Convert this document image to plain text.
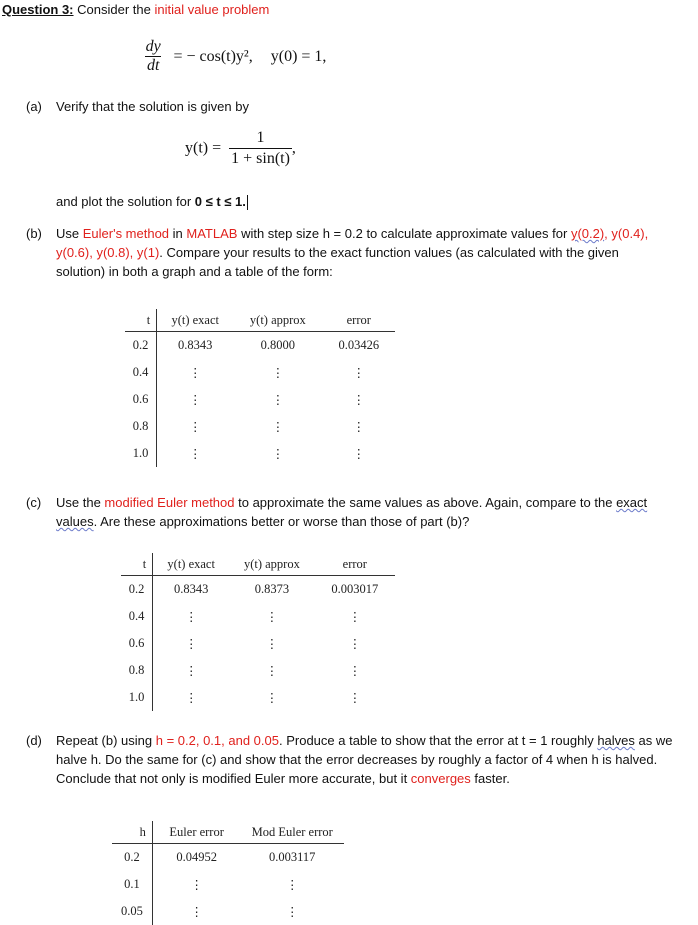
Question 3: Consider the initial value problem
$\frac{dy}{dt}$ = − cos(t)y², y(0) = 1,
(a) Verify that the solution is given by
$y(t) = \frac{1}{1 + \sin(t)}$ ,
and plot the solution for 0 ≤ t ≤ 1.
(b) Use Euler's method in MATLAB with step size h = 0.2 to calculate approximate values for y(0.2), y(0.4),
y(0.6), y(0.8), y(1). Compare your results to the exact function values (as calculated with the given
solution) in both a graph and a table of the form:
t	y(t) exact	y(t) approx	error
0.2	0.8343	0.8000	0.03426
0.4	⋮	⋮	⋮
0.6	⋮	⋮	⋮
0.8	⋮	⋮	⋮
1.0	⋮	⋮	⋮
(c) Use the modified Euler method to approximate the same values as above. Again, compare to the exact
values. Are these approximations better or worse than those of part (b)?
t	y(t) exact	y(t) approx	error
0.2	0.8343	0.8373	0.003017
0.4	⋮	⋮	⋮
0.6	⋮	⋮	⋮
0.8	⋮	⋮	⋮
1.0	⋮	⋮	⋮
(d) Repeat (b) using h = 0.2, 0.1, and 0.05. Produce a table to show that the error at t = 1 roughly halves as we
halve h. Do the same for (c) and show that the error decreases by roughly a factor of 4 when h is halved.
Conclude that not only is modified Euler more accurate, but it converges faster.
h	Euler error	Mod Euler error
0.2	0.04952	0.003117
0.1	⋮	⋮
0.05	⋮	⋮
